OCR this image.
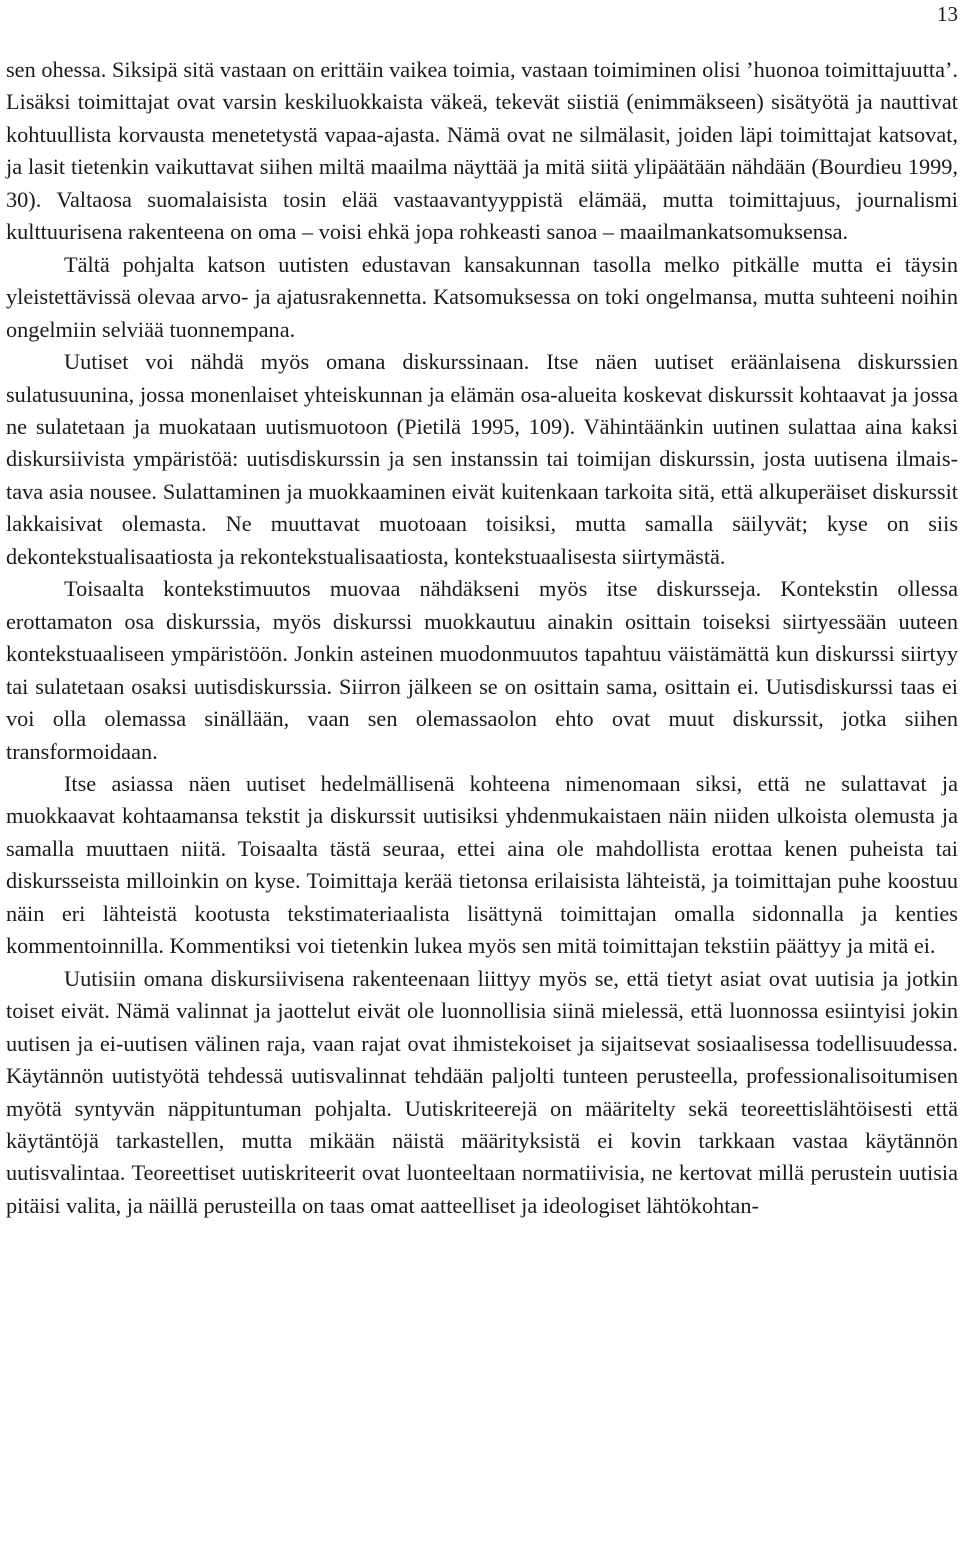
13

sen ohessa. Siksipä sitä vastaan on erittäin vaikea toimia, vastaan toimiminen olisi ’huonoa toimittajuutta’. Lisäksi toimittajat ovat varsin keskiluokkaista väkeä, tekevät siistiä (enimmäkseen) sisätyötä ja nauttivat kohtuullista korvausta menetetystä vapaa-ajasta. Nämä ovat ne silmälasit, joiden läpi toimittajat katsovat, ja lasit tietenkin vaikuttavat siihen miltä maailma näyttää ja mitä siitä ylipäätään nähdään (Bourdieu 1999, 30). Valtaosa suomalaisista tosin elää vastaavantyyppistä elämää, mutta toimittajuus, journalismi kulttuurisena rakenteena on oma – voisi ehkä jopa rohkeasti sanoa – maailmankatsomuksensa.

Tältä pohjalta katson uutisten edustavan kansakunnan tasolla melko pitkälle mutta ei täysin yleistettävissä olevaa arvo- ja ajatusrakennetta. Katsomuksessa on toki ongelmansa, mutta suhteeni noihin ongelmiin selviää tuonnempana.

Uutiset voi nähdä myös omana diskurssinaan. Itse näen uutiset eräänlaisena diskurssien sulatusuunina, jossa monenlaiset yhteiskunnan ja elämän osa-alueita koskevat diskurssit kohtaavat ja jossa ne sulatetaan ja muokataan uutismuotoon (Pietilä 1995, 109). Vähintäänkin uutinen sulattaa aina kaksi diskursiivista ympäristöä: uutisdiskurssin ja sen instanssin tai toimijan diskurssin, josta uutisena ilmaistava asia nousee. Sulattaminen ja muokkaaminen eivät kuitenkaan tarkoita sitä, että alkuperäiset diskurssit lakkaisivat olemasta. Ne muuttavat muotoaan toisiksi, mutta samalla säilyvät; kyse on siis dekontekstualisaatiosta ja rekontekstualisaatiosta, kontekstuaalisesta siirtymästä.

Toisaalta kontekstimuutos muovaa nähdäkseni myös itse diskursseja. Kontekstin ollessa erottamaton osa diskurssia, myös diskurssi muokkautuu ainakin osittain toiseksi siirtyessään uuteen kontekstuaaliseen ympäristöön. Jonkin asteinen muodonmuutos tapahtuu väistämättä kun diskurssi siirtyy tai sulatetaan osaksi uutisdiskurssia. Siirron jälkeen se on osittain sama, osittain ei. Uutisdiskurssi taas ei voi olla olemassa sinällään, vaan sen olemassaolon ehto ovat muut diskurssit, jotka siihen transformoidaan.

Itse asiassa näen uutiset hedelmällisenä kohteena nimenomaan siksi, että ne sulattavat ja muokkaavat kohtaamansa tekstit ja diskurssit uutisiksi yhdenmukaistaen näin niiden ulkoista olemusta ja samalla muuttaen niitä. Toisaalta tästä seuraa, ettei aina ole mahdollista erottaa kenen puheista tai diskursseista milloinkin on kyse. Toimittaja kerää tietonsa erilaisista lähteistä, ja toimittajan puhe koostuu näin eri lähteistä kootusta tekstimateriaalista lisättynä toimittajan omalla sidonnalla ja kenties kommentoinnilla. Kommentiksi voi tietenkin lukea myös sen mitä toimittajan tekstiin päättyy ja mitä ei.

Uutisiin omana diskursiivisena rakenteenaan liittyy myös se, että tietyt asiat ovat uutisia ja jotkin toiset eivät. Nämä valinnat ja jaottelut eivät ole luonnollisia siinä mielessä, että luonnossa esiintyisi jokin uutisen ja ei-uutisen välinen raja, vaan rajat ovat ihmistekoiset ja sijaitsevat sosiaalisessa todellisuudessa. Käytännön uutistyötä tehdessä uutisvalinnat tehdään paljolti tunteen perusteella, professionalisoitumisen myötä syntyvän näppituntuman pohjalta. Uutiskriteerejä on määritelty sekä teoreettislähtöisesti että käytäntöjä tarkastellen, mutta mikään näistä määrityksistä ei kovin tarkkaan vastaa käytännön uutisvalintaa. Teoreettiset uutiskriteerit ovat luonteeltaan normatiivisia, ne kertovat millä perustein uutisia pitäisi valita, ja näillä perusteilla on taas omat aatteelliset ja ideologiset lähtökohtan-
